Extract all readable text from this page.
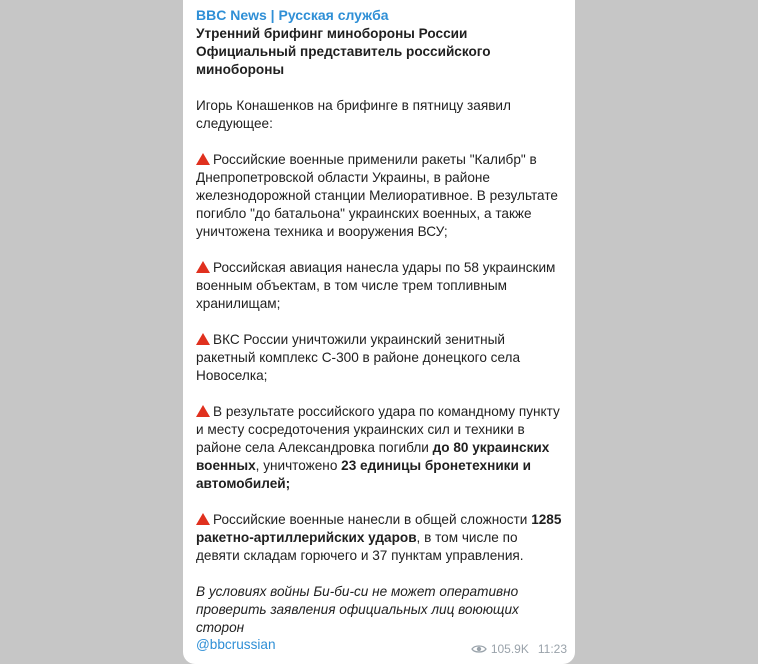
BBC News | Русская служба

Утренний брифинг минобороны России

Официальный представитель российского минобороны

Игорь Конашенков на брифинге в пятницу заявил следующее:

Российские военные применили ракеты "Калибр" в Днепропетровской области Украины, в районе железнодорожной станции Мелиоративное. В результате погибло "до батальона" украинских военных, а также уничтожена техника и вооружения ВСУ;

Российская авиация нанесла удары по 58 украинским военным объектам, в том числе трем топливным хранилищам;

ВКС России уничтожили украинский зенитный ракетный комплекс С-300 в районе донецкого села Новоселка;

В результате российского удара по командному пункту и месту сосредоточения украинских сил и техники в районе села Александровка погибли до 80 украинских военных, уничтожено 23 единицы бронетехники и автомобилей;

Российские военные нанесли в общей сложности 1285 ракетно-артиллерийских ударов, в том числе по девяти складам горючего и 37 пунктам управления.

В условиях войны Би-би-си не может оперативно проверить заявления официальных лиц воюющих сторон

@bbcrussian	105.9K 11:23
